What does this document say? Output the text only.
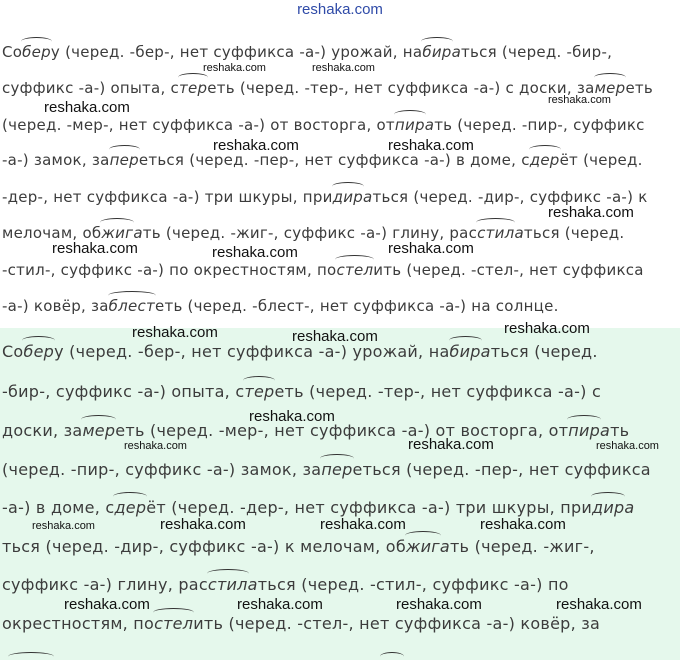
reshaka.com
Со
беру (черед. -бер-, нет суффикса -а-) урожай, на
бираться (черед. -бир-,
суффикс -а-) опыта, с
тереть (черед. -тер-, нет суффикса -а-) с доски, за
мереть
(черед. -мер-, нет суффикса -а-) от восторга, от
пирать (черед. -пир-, суффикс
-а-) замок, за
переться (черед. -пер-, нет суффикса -а-) в доме, с
дерёт (черед.
-дер-, нет суффикса -а-) три шкуры, при
дираться (черед. -дир-, суффикс -а-) к
мелочам, об
жигать (черед. -жиг-, суффикс -а-) глину, рас
стилаться (черед.
-стил-, суффикс -а-) по окрестностям, по
стелить (черед. -стел-, нет суффикса
-а-) ковёр, за
блестеть (черед. -блест-, нет суффикса -а-) на солнце.
Со
беру (черед. -бер-, нет суффикса -а-) урожай, на
бираться (черед.
-бир-, суффикс -а-) опыта, с
тереть (черед. -тер-, нет суффикса -а-) с
доски, за
мереть (черед. -мер-, нет суффикса -а-) от восторга, от
пирать
(черед. -пир-, суффикс -а-) замок, за
переться (черед. -пер-, нет суффикса
-а-) в доме, с
дерёт (черед. -дер-, нет суффикса -а-) три шкуры, при
дира
ться (черед. -дир-, суффикс -а-) к мелочам, об
жигать (черед. -жиг-,
суффикс -а-) глину, рас
стилаться (черед. -стил-, суффикс -а-) по
окрестностям, по
стелить (черед. -стел-, нет суффикса -а-) ковёр, за
reshaka.com	reshaka.com
reshaka.com	reshaka.com
reshaka.com	reshaka.com
reshaka.com
reshaka.com	reshaka.com	reshaka.com
reshaka.com	reshaka.com	reshaka.com
reshaka.com
reshaka.com	reshaka.com	reshaka.com
reshaka.com	reshaka.com	reshaka.com	reshaka.com
reshaka.com	reshaka.com	reshaka.com	reshaka.com
